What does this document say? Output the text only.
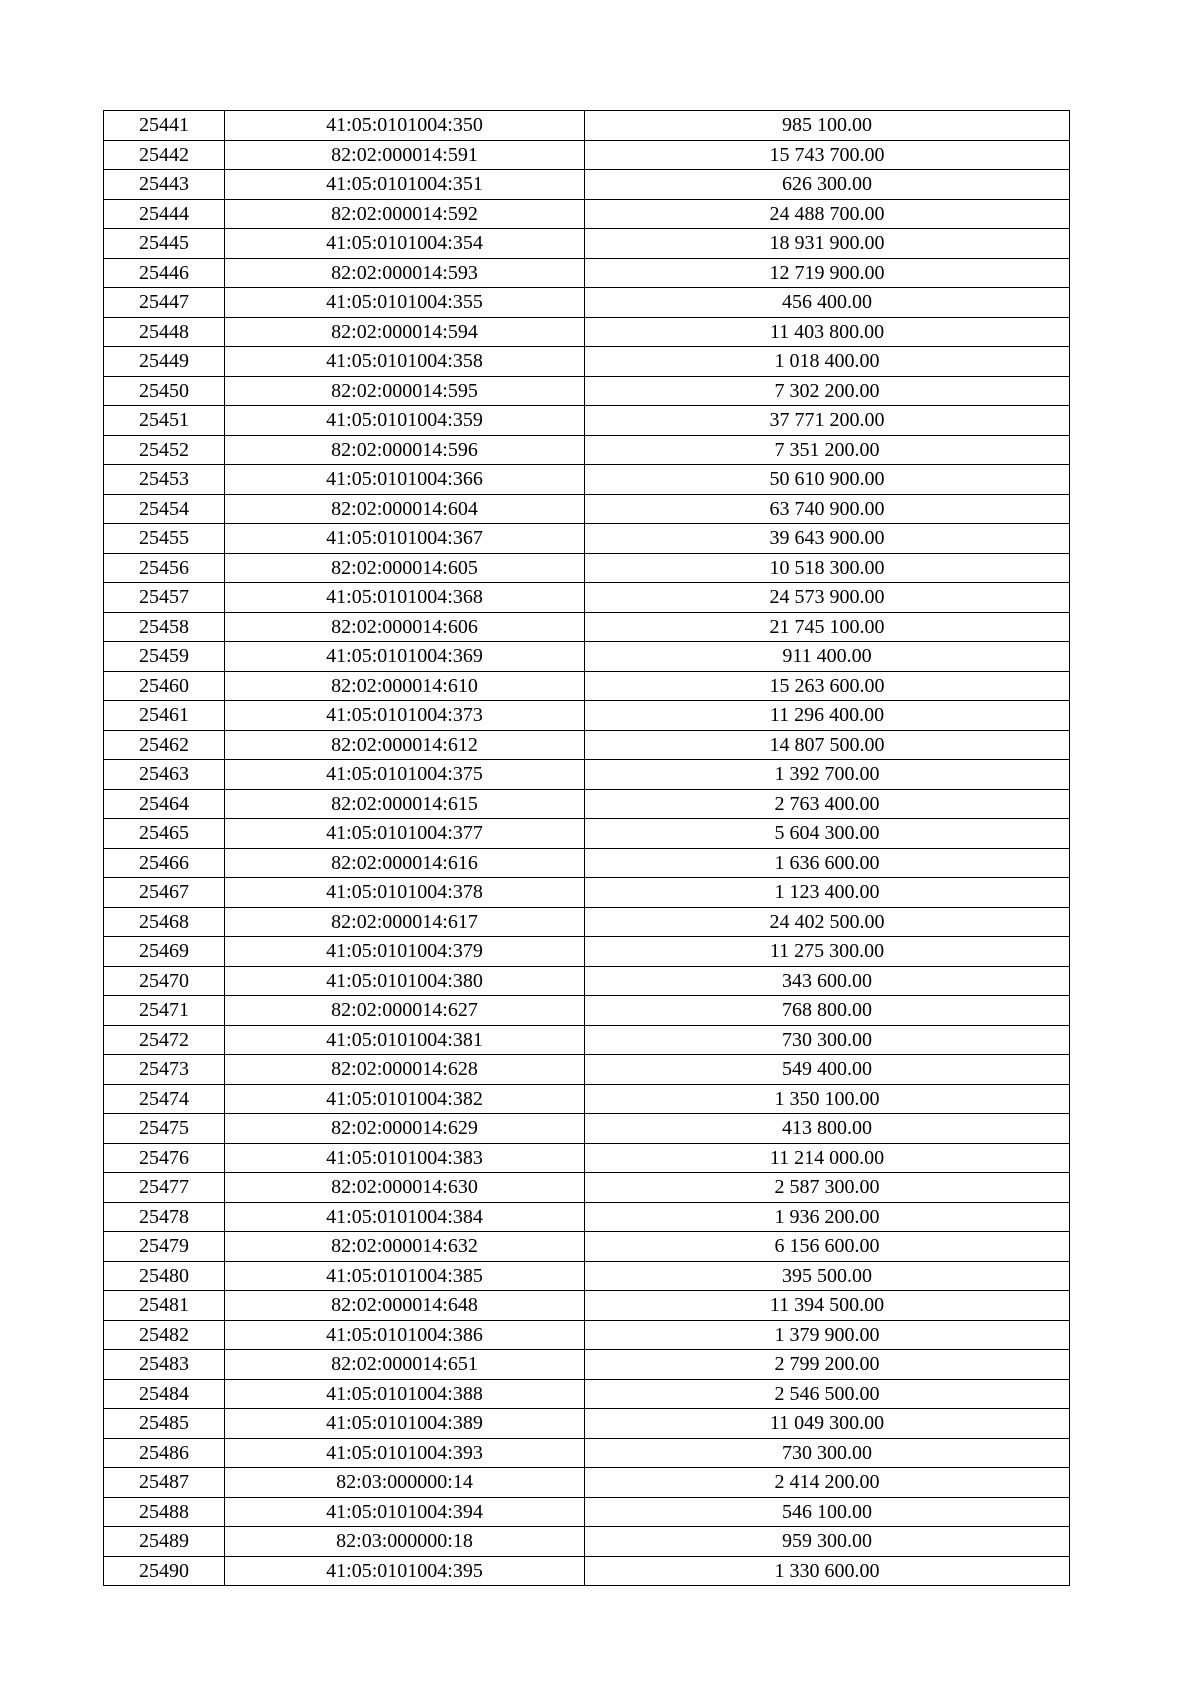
25441	41:05:0101004:350	985 100.00
25442	82:02:000014:591	15 743 700.00
25443	41:05:0101004:351	626 300.00
25444	82:02:000014:592	24 488 700.00
25445	41:05:0101004:354	18 931 900.00
25446	82:02:000014:593	12 719 900.00
25447	41:05:0101004:355	456 400.00
25448	82:02:000014:594	11 403 800.00
25449	41:05:0101004:358	1 018 400.00
25450	82:02:000014:595	7 302 200.00
25451	41:05:0101004:359	37 771 200.00
25452	82:02:000014:596	7 351 200.00
25453	41:05:0101004:366	50 610 900.00
25454	82:02:000014:604	63 740 900.00
25455	41:05:0101004:367	39 643 900.00
25456	82:02:000014:605	10 518 300.00
25457	41:05:0101004:368	24 573 900.00
25458	82:02:000014:606	21 745 100.00
25459	41:05:0101004:369	911 400.00
25460	82:02:000014:610	15 263 600.00
25461	41:05:0101004:373	11 296 400.00
25462	82:02:000014:612	14 807 500.00
25463	41:05:0101004:375	1 392 700.00
25464	82:02:000014:615	2 763 400.00
25465	41:05:0101004:377	5 604 300.00
25466	82:02:000014:616	1 636 600.00
25467	41:05:0101004:378	1 123 400.00
25468	82:02:000014:617	24 402 500.00
25469	41:05:0101004:379	11 275 300.00
25470	41:05:0101004:380	343 600.00
25471	82:02:000014:627	768 800.00
25472	41:05:0101004:381	730 300.00
25473	82:02:000014:628	549 400.00
25474	41:05:0101004:382	1 350 100.00
25475	82:02:000014:629	413 800.00
25476	41:05:0101004:383	11 214 000.00
25477	82:02:000014:630	2 587 300.00
25478	41:05:0101004:384	1 936 200.00
25479	82:02:000014:632	6 156 600.00
25480	41:05:0101004:385	395 500.00
25481	82:02:000014:648	11 394 500.00
25482	41:05:0101004:386	1 379 900.00
25483	82:02:000014:651	2 799 200.00
25484	41:05:0101004:388	2 546 500.00
25485	41:05:0101004:389	11 049 300.00
25486	41:05:0101004:393	730 300.00
25487	82:03:000000:14	2 414 200.00
25488	41:05:0101004:394	546 100.00
25489	82:03:000000:18	959 300.00
25490	41:05:0101004:395	1 330 600.00
